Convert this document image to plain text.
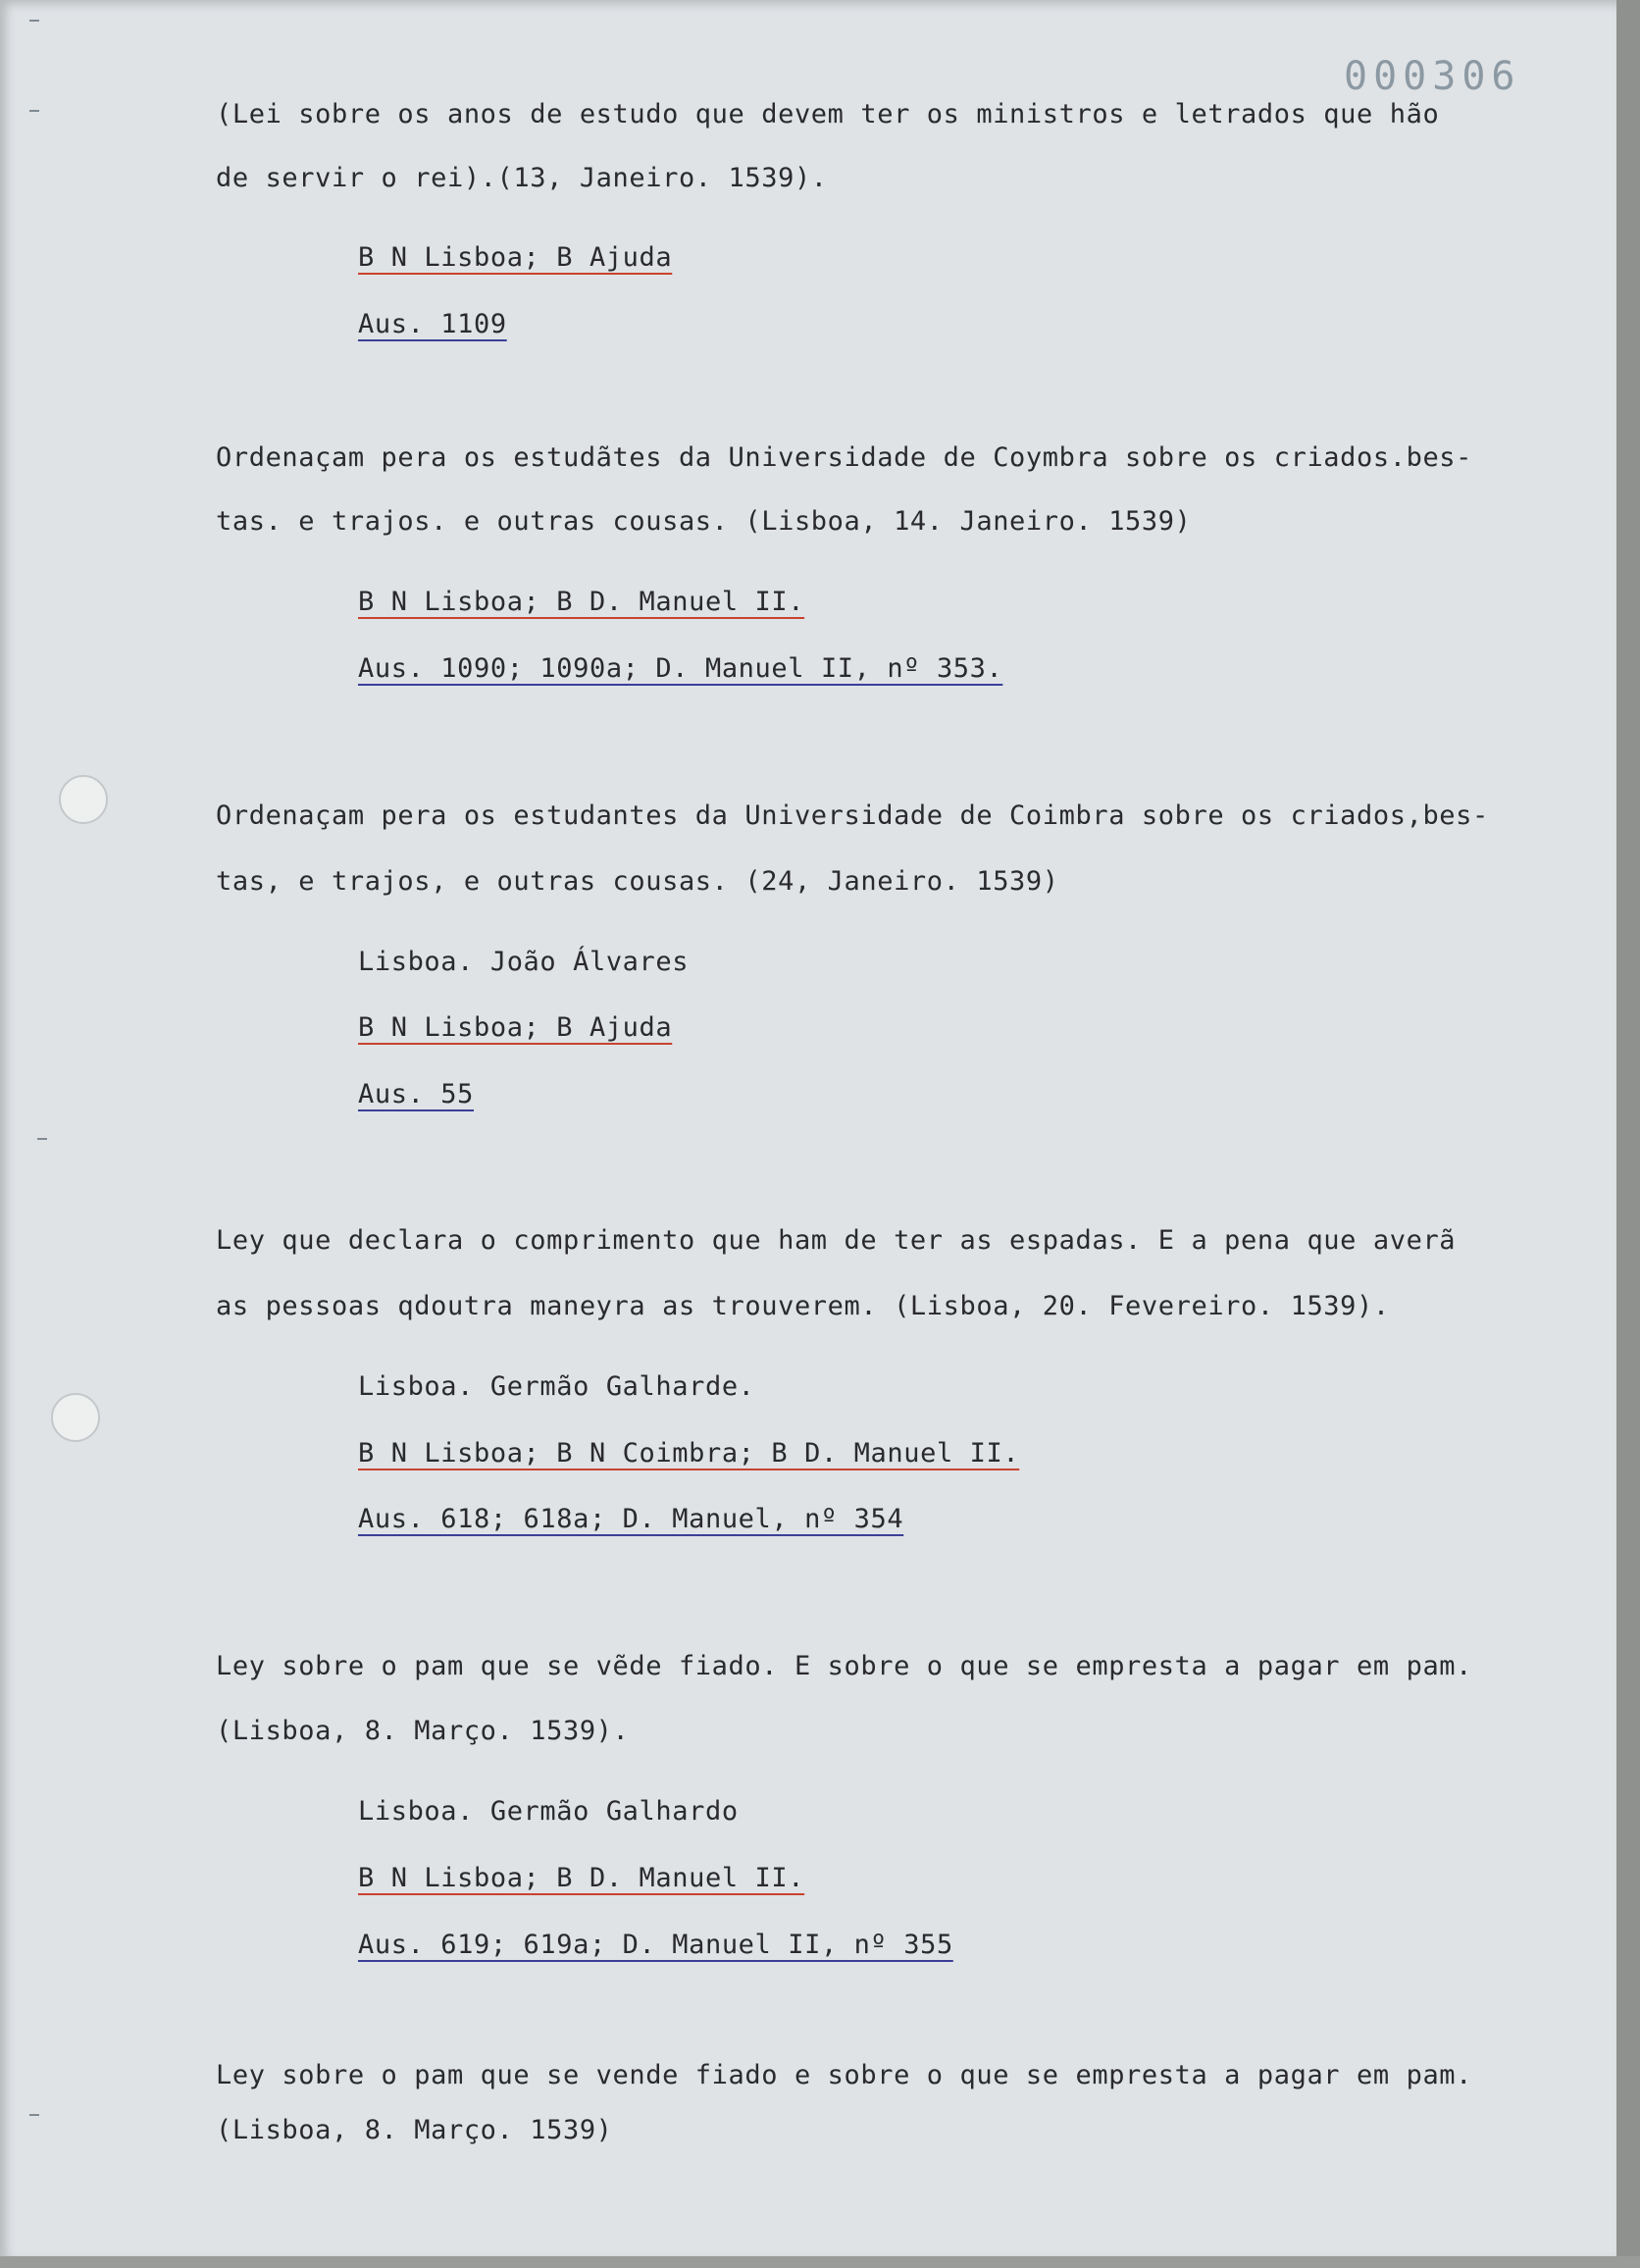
000306
(Lei sobre os anos de estudo que devem ter os ministros e letrados que hão
de servir o rei).(13, Janeiro. 1539).
B N Lisboa; B Ajuda
Aus. 1109
Ordenaçam pera os estudãtes da Universidade de Coymbra sobre os criados.bes-
tas. e trajos. e outras cousas. (Lisboa, 14. Janeiro. 1539)
B N Lisboa; B D. Manuel II.
Aus. 1090; 1090a; D. Manuel II, nº 353.
Ordenaçam pera os estudantes da Universidade de Coimbra sobre os criados,bes-
tas, e trajos, e outras cousas. (24, Janeiro. 1539)
Lisboa. João Álvares
B N Lisboa; B Ajuda
Aus. 55
Ley que declara o comprimento que ham de ter as espadas. E a pena que averã
as pessoas qdoutra maneyra as trouverem. (Lisboa, 20. Fevereiro. 1539).
Lisboa. Germão Galharde.
B N Lisboa; B N Coimbra; B D. Manuel II.
Aus. 618; 618a; D. Manuel, nº 354
Ley sobre o pam que se vẽde fiado. E sobre o que se empresta a pagar em pam.
(Lisboa, 8. Março. 1539).
Lisboa. Germão Galhardo
B N Lisboa; B D. Manuel II.
Aus. 619; 619a; D. Manuel II, nº 355
Ley sobre o pam que se vende fiado e sobre o que se empresta a pagar em pam.
(Lisboa, 8. Março. 1539)
